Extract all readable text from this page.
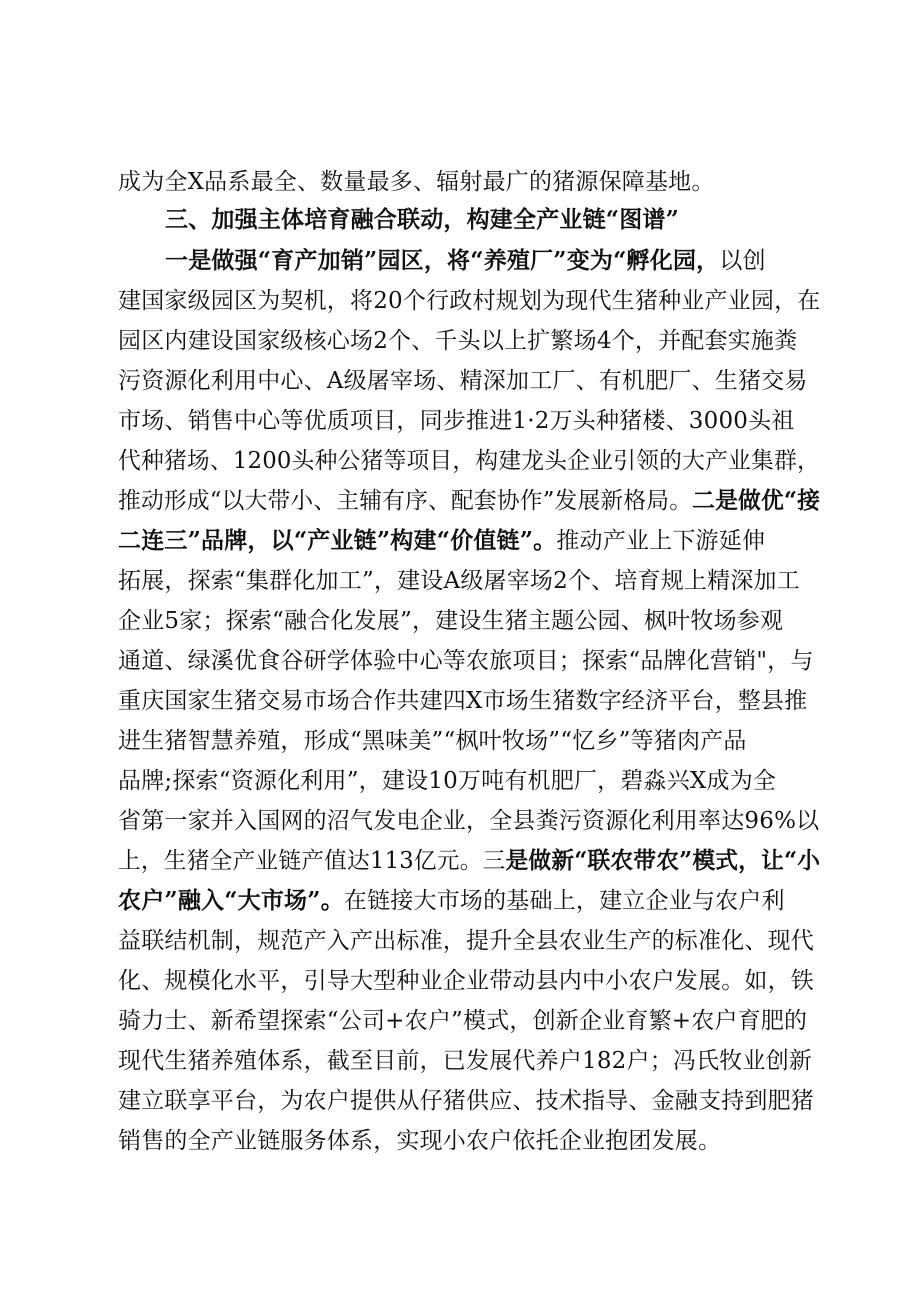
成为全X品系最全、数量最多、辐射最广的猪源保障基地。
三、加强主体培育融合联动，构建全产业链“图谱”
一是做强“育产加销”园区，将“养殖厂”变为“孵化园，以创
建国家级园区为契机，将20个行政村规划为现代生猪种业产业园，在
园区内建设国家级核心场2个、千头以上扩繁场4个，并配套实施粪
污资源化利用中心、A级屠宰场、精深加工厂、有机肥厂、生猪交易
市场、销售中心等优质项目，同步推进1·2万头种猪楼、3000头祖
代种猪场、1200头种公猪等项目，构建龙头企业引领的大产业集群，
推动形成“以大带小、主辅有序、配套协作”发展新格局。二是做优“接
二连三”品牌，以“产业链”构建“价值链”。推动产业上下游延伸
拓展，探索“集群化加工”，建设A级屠宰场2个、培育规上精深加工
企业5家；探索“融合化发展”，建设生猪主题公园、枫叶牧场参观
通道、绿溪优食谷研学体验中心等农旅项目；探索“品牌化营销"，与
重庆国家生猪交易市场合作共建四X市场生猪数字经济平台，整县推
进生猪智慧养殖，形成“黑味美”“枫叶牧场”“忆乡”等猪肉产品
品牌;探索“资源化利用”，建设10万吨有机肥厂，碧淼兴X成为全
省第一家并入国网的沼气发电企业，全县粪污资源化利用率达96%以
上，生猪全产业链产值达113亿元。三是做新“联农带农”模式，让“小
农户”融入“大市场”。在链接大市场的基础上，建立企业与农户利
益联结机制，规范产入产出标准，提升全县农业生产的标准化、现代
化、规模化水平，引导大型种业企业带动县内中小农户发展。如，铁
骑力士、新希望探索“公司+农户”模式，创新企业育繁+农户育肥的
现代生猪养殖体系，截至目前，已发展代养户182户；冯氏牧业创新
建立联享平台，为农户提供从仔猪供应、技术指导、金融支持到肥猪
销售的全产业链服务体系，实现小农户依托企业抱团发展。
